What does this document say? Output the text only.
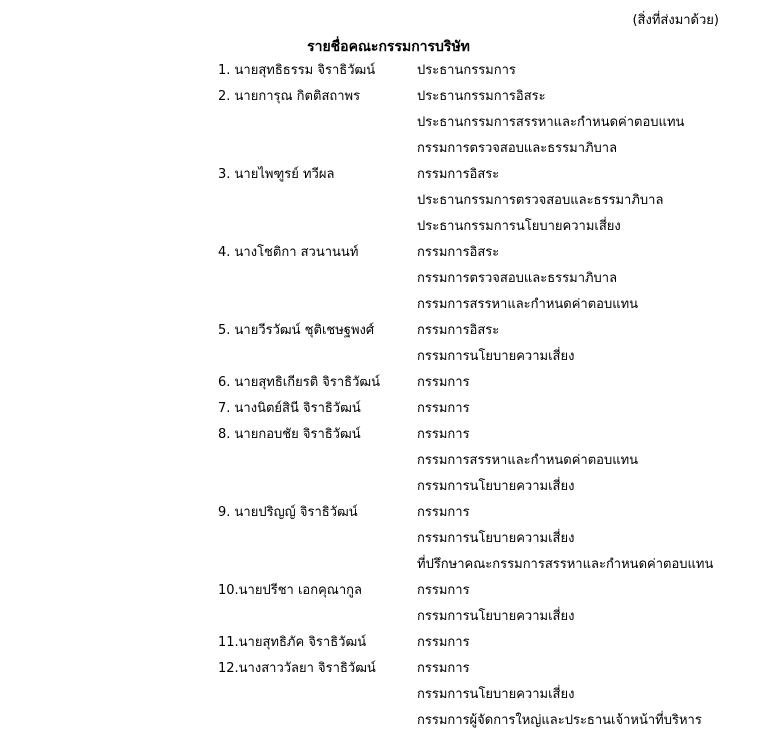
(สิ่งที่ส่งมาด้วย)
รายชื่อคณะกรรมการบริษัท
1. นายสุทธิธรรม จิราธิวัฒน์	ประธานกรรมการ
2. นายการุณ กิตติสถาพร	ประธานกรรมการอิสระ
ประธานกรรมการสรรหาและกำหนดค่าตอบแทน
กรรมการตรวจสอบและธรรมาภิบาล
3. นายไพฑูรย์ ทวีผล	กรรมการอิสระ
ประธานกรรมการตรวจสอบและธรรมาภิบาล
ประธานกรรมการนโยบายความเสี่ยง
4. นางโชติกา สวนานนท์	กรรมการอิสระ
กรรมการตรวจสอบและธรรมาภิบาล
กรรมการสรรหาและกำหนดค่าตอบแทน
5. นายวีรวัฒน์ ชุติเชษฐพงศ์	กรรมการอิสระ
กรรมการนโยบายความเสี่ยง
6. นายสุทธิเกียรติ จิราธิวัฒน์	กรรมการ
7. นางนิตย์สินี จิราธิวัฒน์	กรรมการ
8. นายกอบชัย จิราธิวัฒน์	กรรมการ
กรรมการสรรหาและกำหนดค่าตอบแทน
กรรมการนโยบายความเสี่ยง
9. นายปริญญ์ จิราธิวัฒน์	กรรมการ
กรรมการนโยบายความเสี่ยง
ที่ปรึกษาคณะกรรมการสรรหาและกำหนดค่าตอบแทน
10.นายปรีชา เอกคุณากูล	กรรมการ
กรรมการนโยบายความเสี่ยง
11.นายสุทธิภัค จิราธิวัฒน์	กรรมการ
12.นางสาววัลยา จิราธิวัฒน์	กรรมการ
กรรมการนโยบายความเสี่ยง
กรรมการผู้จัดการใหญ่และประธานเจ้าหน้าที่บริหาร
